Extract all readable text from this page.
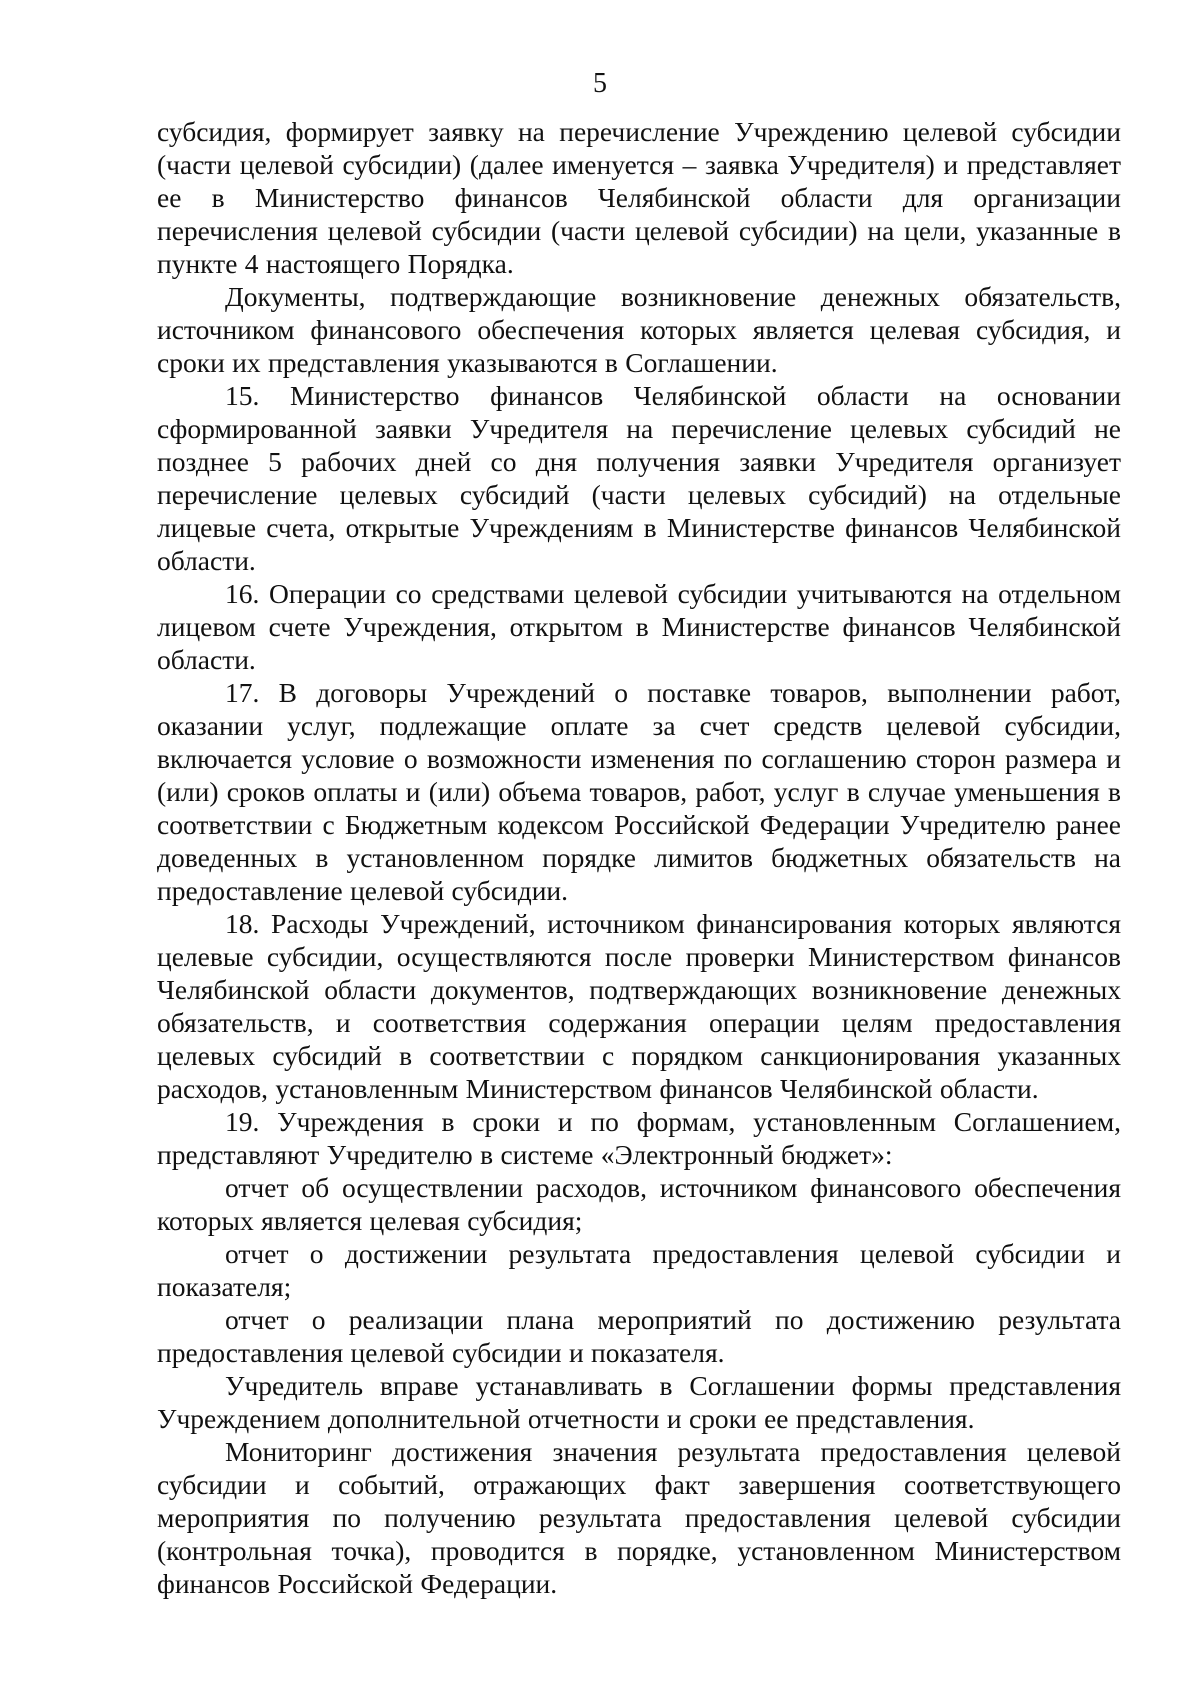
5

субсидия, формирует заявку на перечисление Учреждению целевой субсидии (части целевой субсидии) (далее именуется – заявка Учредителя) и представляет ее в Министерство финансов Челябинской области для организации перечисления целевой субсидии (части целевой субсидии) на цели, указанные в пункте 4 настоящего Порядка.

Документы, подтверждающие возникновение денежных обязательств, источником финансового обеспечения которых является целевая субсидия, и сроки их представления указываются в Соглашении.

15. Министерство финансов Челябинской области на основании сформированной заявки Учредителя на перечисление целевых субсидий не позднее 5 рабочих дней со дня получения заявки Учредителя организует перечисление целевых субсидий (части целевых субсидий) на отдельные лицевые счета, открытые Учреждениям в Министерстве финансов Челябинской области.

16. Операции со средствами целевой субсидии учитываются на отдельном лицевом счете Учреждения, открытом в Министерстве финансов Челябинской области.

17. В договоры Учреждений о поставке товаров, выполнении работ, оказании услуг, подлежащие оплате за счет средств целевой субсидии, включается условие о возможности изменения по соглашению сторон размера и (или) сроков оплаты и (или) объема товаров, работ, услуг в случае уменьшения в соответствии с Бюджетным кодексом Российской Федерации Учредителю ранее доведенных в установленном порядке лимитов бюджетных обязательств на предоставление целевой субсидии.

18. Расходы Учреждений, источником финансирования которых являются целевые субсидии, осуществляются после проверки Министерством финансов Челябинской области документов, подтверждающих возникновение денежных обязательств, и соответствия содержания операции целям предоставления целевых субсидий в соответствии с порядком санкционирования указанных расходов, установленным Министерством финансов Челябинской области.

19. Учреждения в сроки и по формам, установленным Соглашением, представляют Учредителю в системе «Электронный бюджет»:

отчет об осуществлении расходов, источником финансового обеспечения которых является целевая субсидия;

отчет о достижении результата предоставления целевой субсидии и показателя;

отчет о реализации плана мероприятий по достижению результата предоставления целевой субсидии и показателя.

Учредитель вправе устанавливать в Соглашении формы представления Учреждением дополнительной отчетности и сроки ее представления.

Мониторинг достижения значения результата предоставления целевой субсидии и событий, отражающих факт завершения соответствующего мероприятия по получению результата предоставления целевой субсидии (контрольная точка), проводится в порядке, установленном Министерством финансов Российской Федерации.
